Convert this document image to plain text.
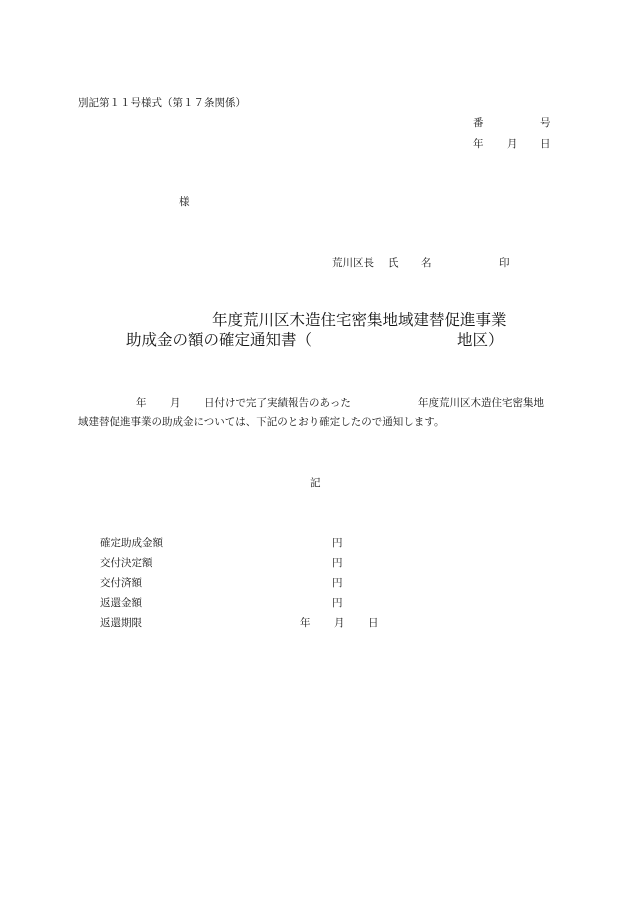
別記第１１号様式（第１７条関係）
番	号
年 月 日
様
荒川区長 氏 名	印
年度荒川区木造住宅密集地域建替促進事業
助成金の額の確定通知書（	地区）
年 月 日付けで完了実績報告のあった	年度荒川区木造住宅密集地
域建替促進事業の助成金については、下記のとおり確定したので通知します。
記
確定助成金額	円
交付決定額	円
交付済額	円
返還金額	円
返還期限	年 月 日
